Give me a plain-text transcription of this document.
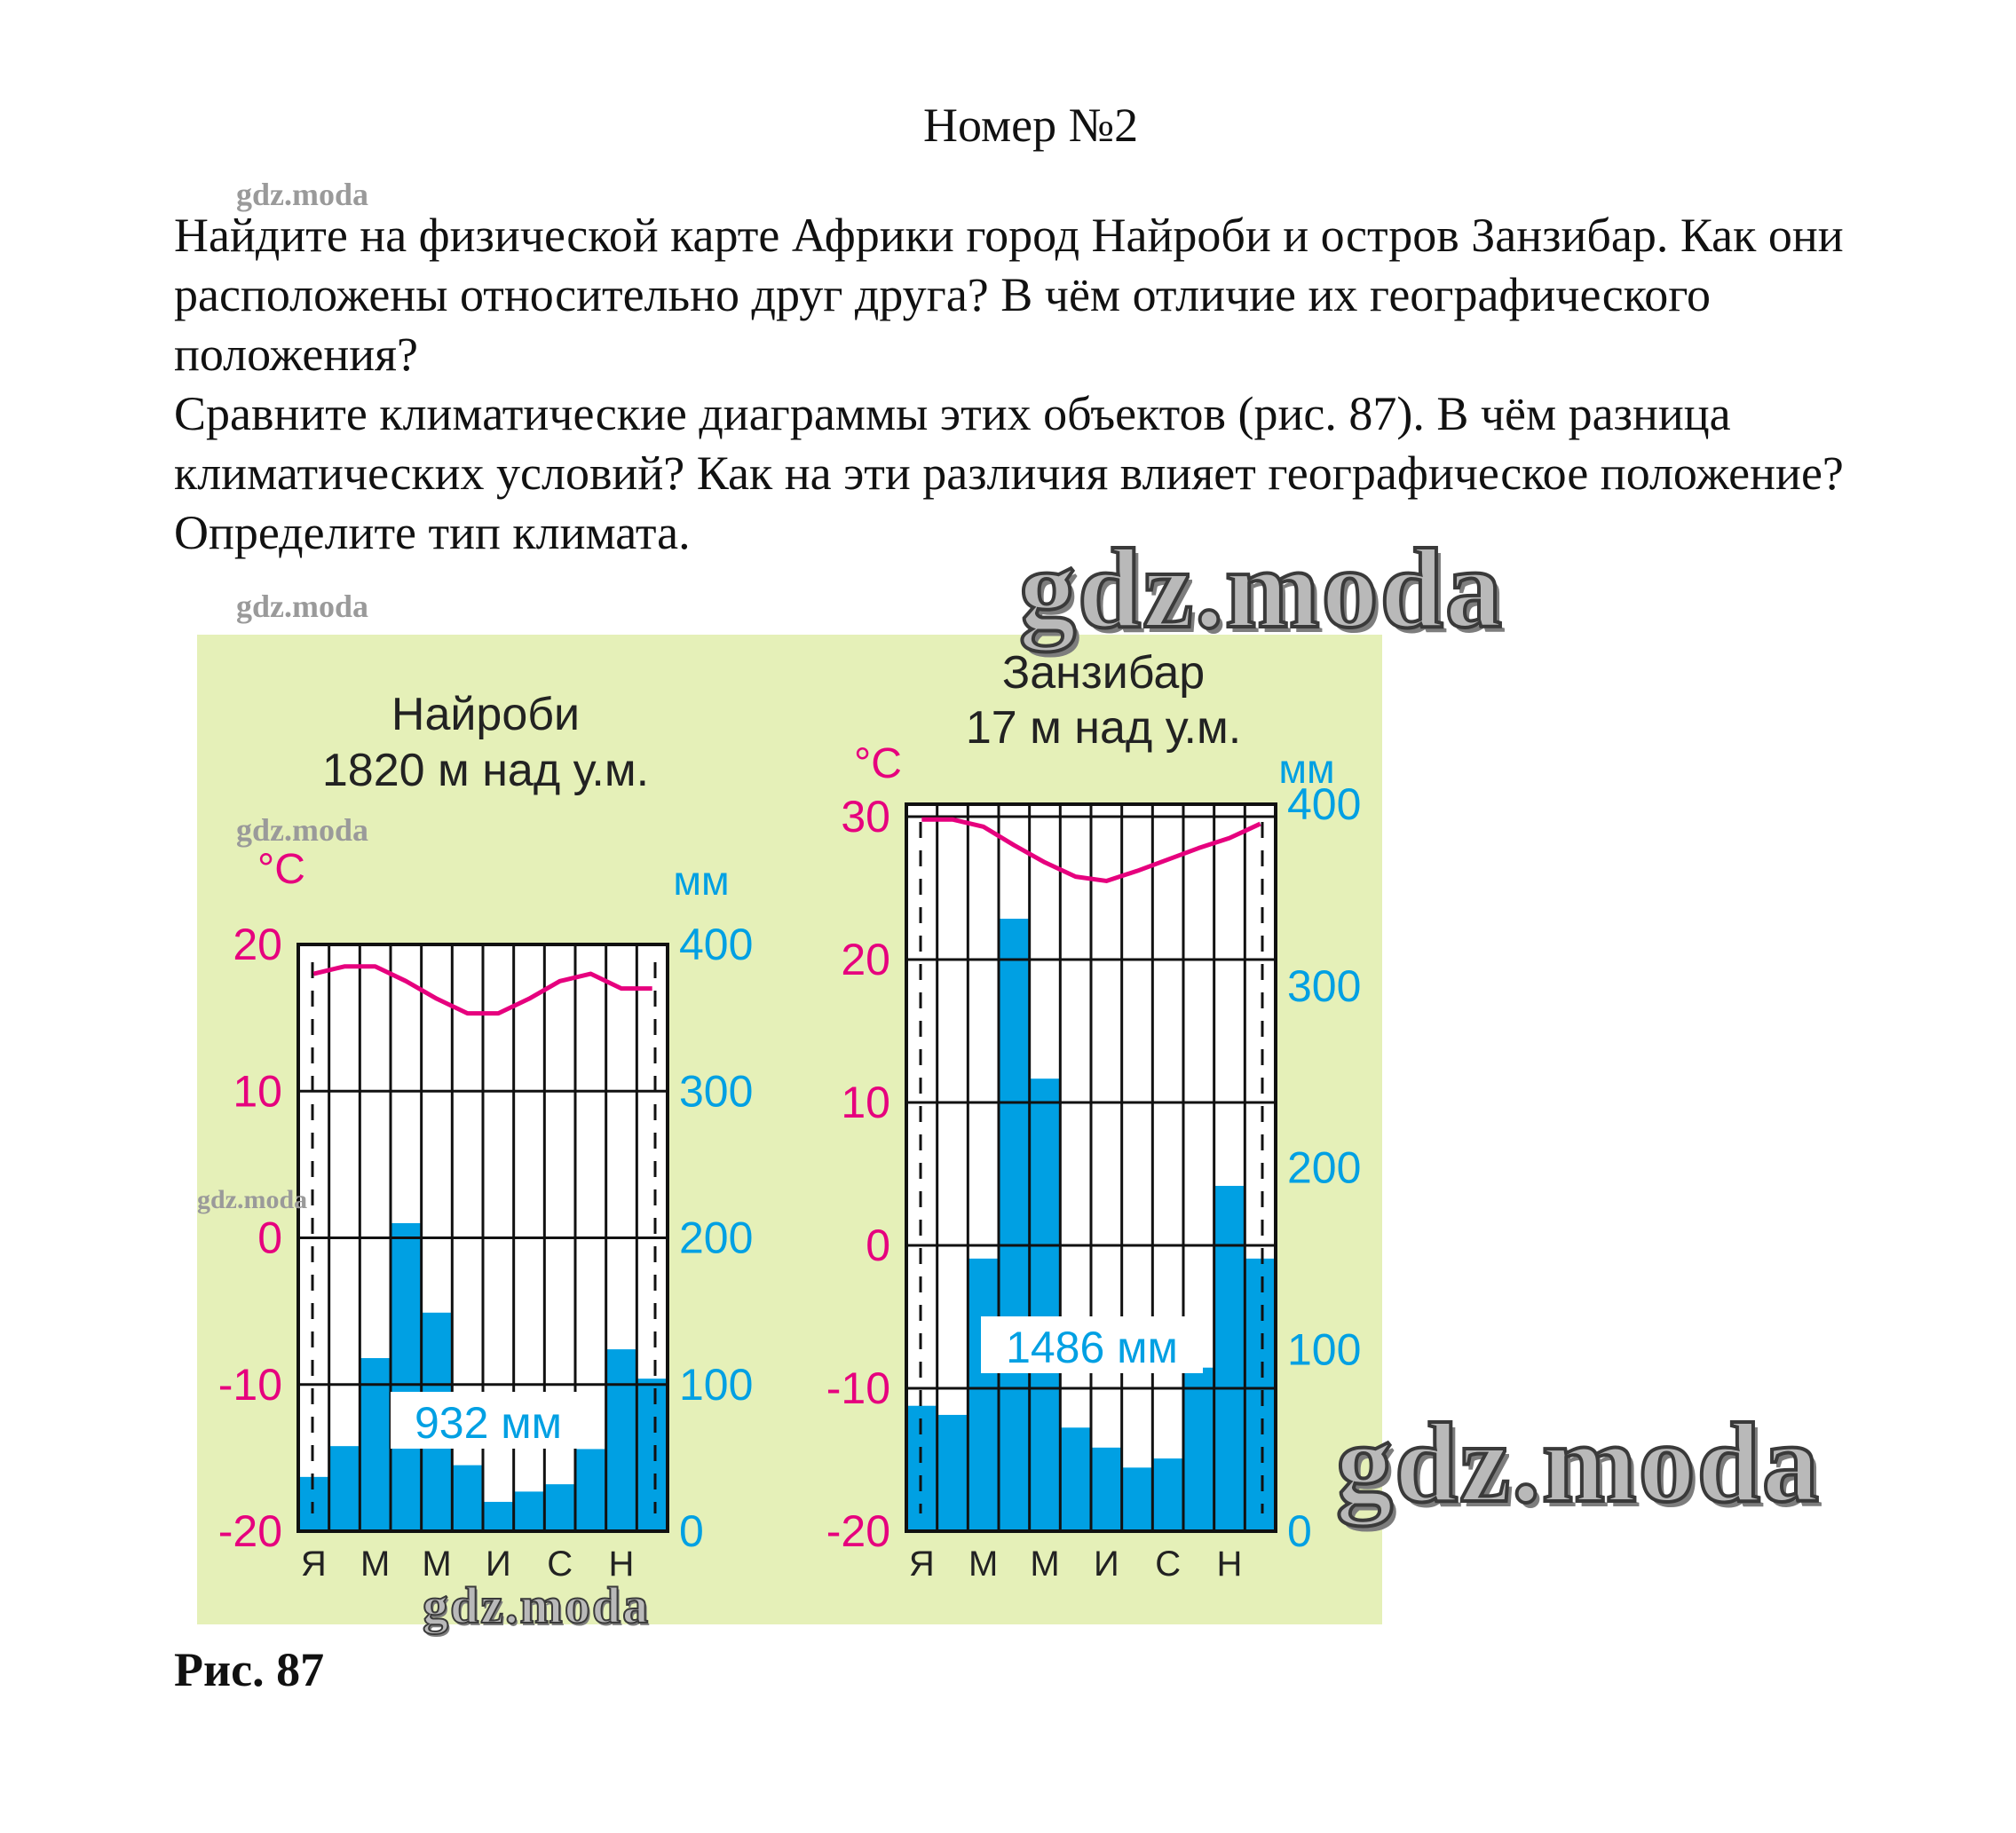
Номер №2

Найдите на физической карте Африки город Найроби и остров Занзибар. Как они расположены относительно друг друга? В чём отличие их географического положения?

Сравните климатические диаграммы этих объектов (рис. 87). В чём разница климатических условий? Как на эти различия влияет географическое положение? Определите тип климата.

Найроби
1820 м над у.м.
°C	мм
20
10
0
-10
-20
400
300
200
100
0
Я М М И С Н
932 мм
Занзибар
17 м над у.м.
°C	мм
30
20
10
0
-10
-20
400
300
200
100
0
Я М М И С Н
1486 мм
Рис. 87
gdz.moda
gdz.moda
gdz.moda
gdz.moda
gdz.moda
gdz.moda
gdz.moda
